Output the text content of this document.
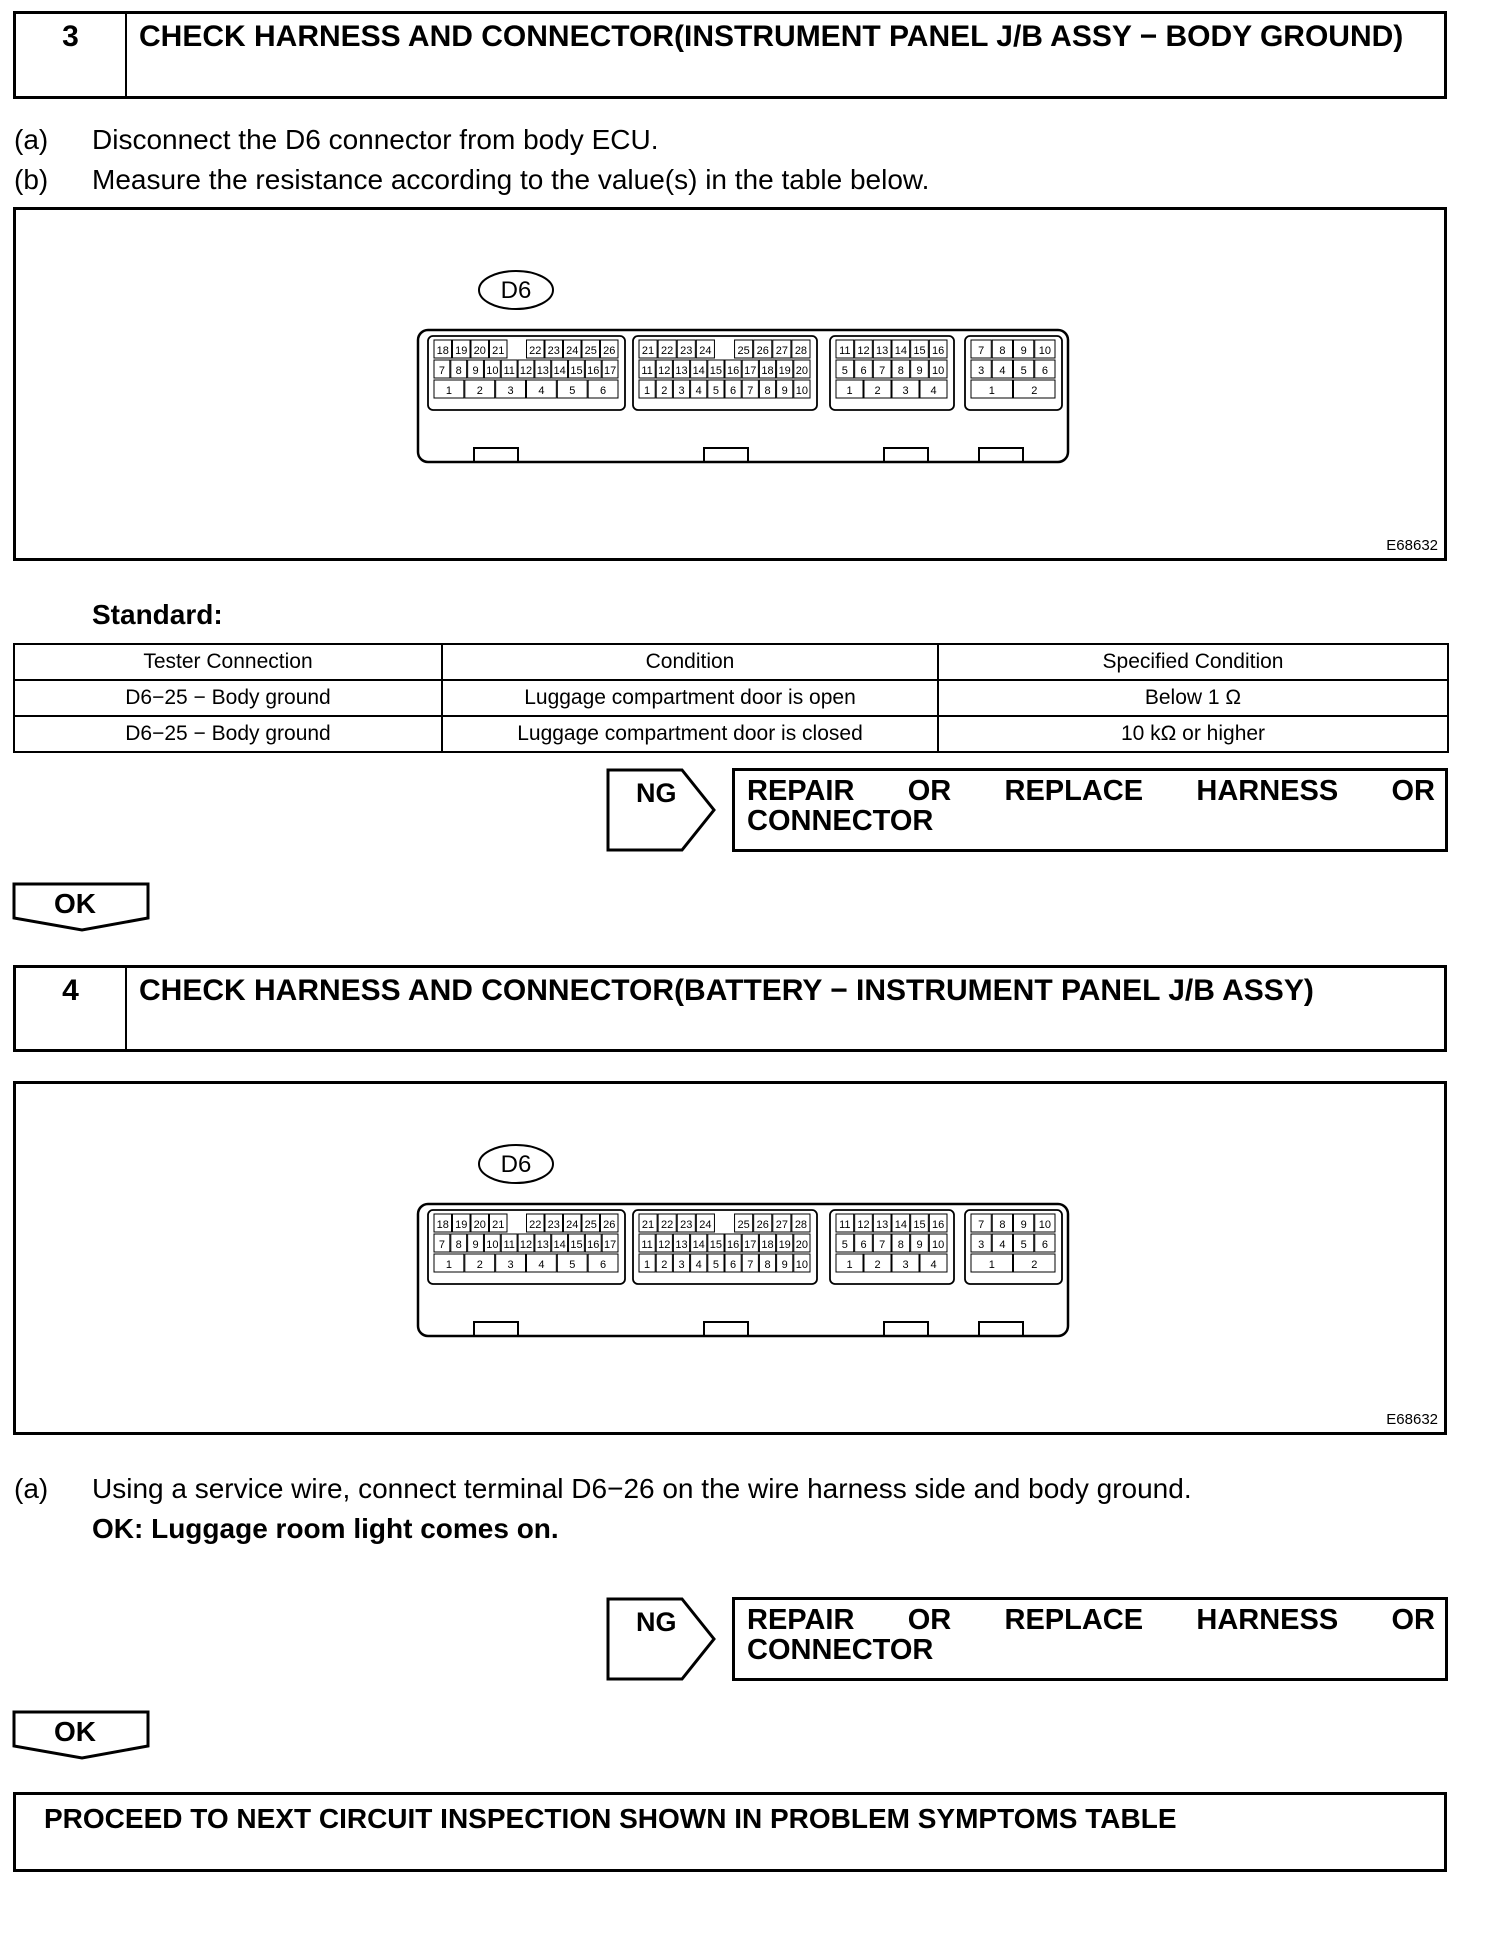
3	CHECK HARNESS AND CONNECTOR(INSTRUMENT PANEL J/B ASSY − BODY GROUND)
(a) Disconnect the D6 connector from body ECU.
(b) Measure the resistance according to the value(s) in the table below.
D6
18 19 20 21 22 23 24 25 26
7 8 9 10 11 12 13 14 15 16 17
1 2 3 4 5 6
21 22 23 24 25 26 27 28
11 12 13 14 15 16 17 18 19 20
1 2 3 4 5 6 7 8 9 10
11 12 13 14 15 16
5 6 7 8 9 10
1 2 3 4
7 8 9 10
3 4 5 6
1	2
E68632
Standard:
Tester Connection	Condition	Specified Condition
D6−25 − Body ground	Luggage compartment door is open	Below 1 Ω
D6−25 − Body ground	Luggage compartment door is closed	10 kΩ or higher
NG REPAIR OR REPLACE HARNESS OR
CONNECTOR
OK
4	CHECK HARNESS AND CONNECTOR(BATTERY − INSTRUMENT PANEL J/B ASSY)
D6
18 19 20 21 22 23 24 25 26
7 8 9 10 11 12 13 14 15 16 17
1 2 3 4 5 6
21 22 23 24 25 26 27 28
11 12 13 14 15 16 17 18 19 20
1 2 3 4 5 6 7 8 9 10
11 12 13 14 15 16
5 6 7 8 9 10
1 2 3 4
7 8 9 10
3 4 5 6
1	2
E68632
(a) Using a service wire, connect terminal D6−26 on the wire harness side and body ground.
OK: Luggage room light comes on.
NG REPAIR OR REPLACE HARNESS OR
CONNECTOR
OK
PROCEED TO NEXT CIRCUIT INSPECTION SHOWN IN PROBLEM SYMPTOMS TABLE
